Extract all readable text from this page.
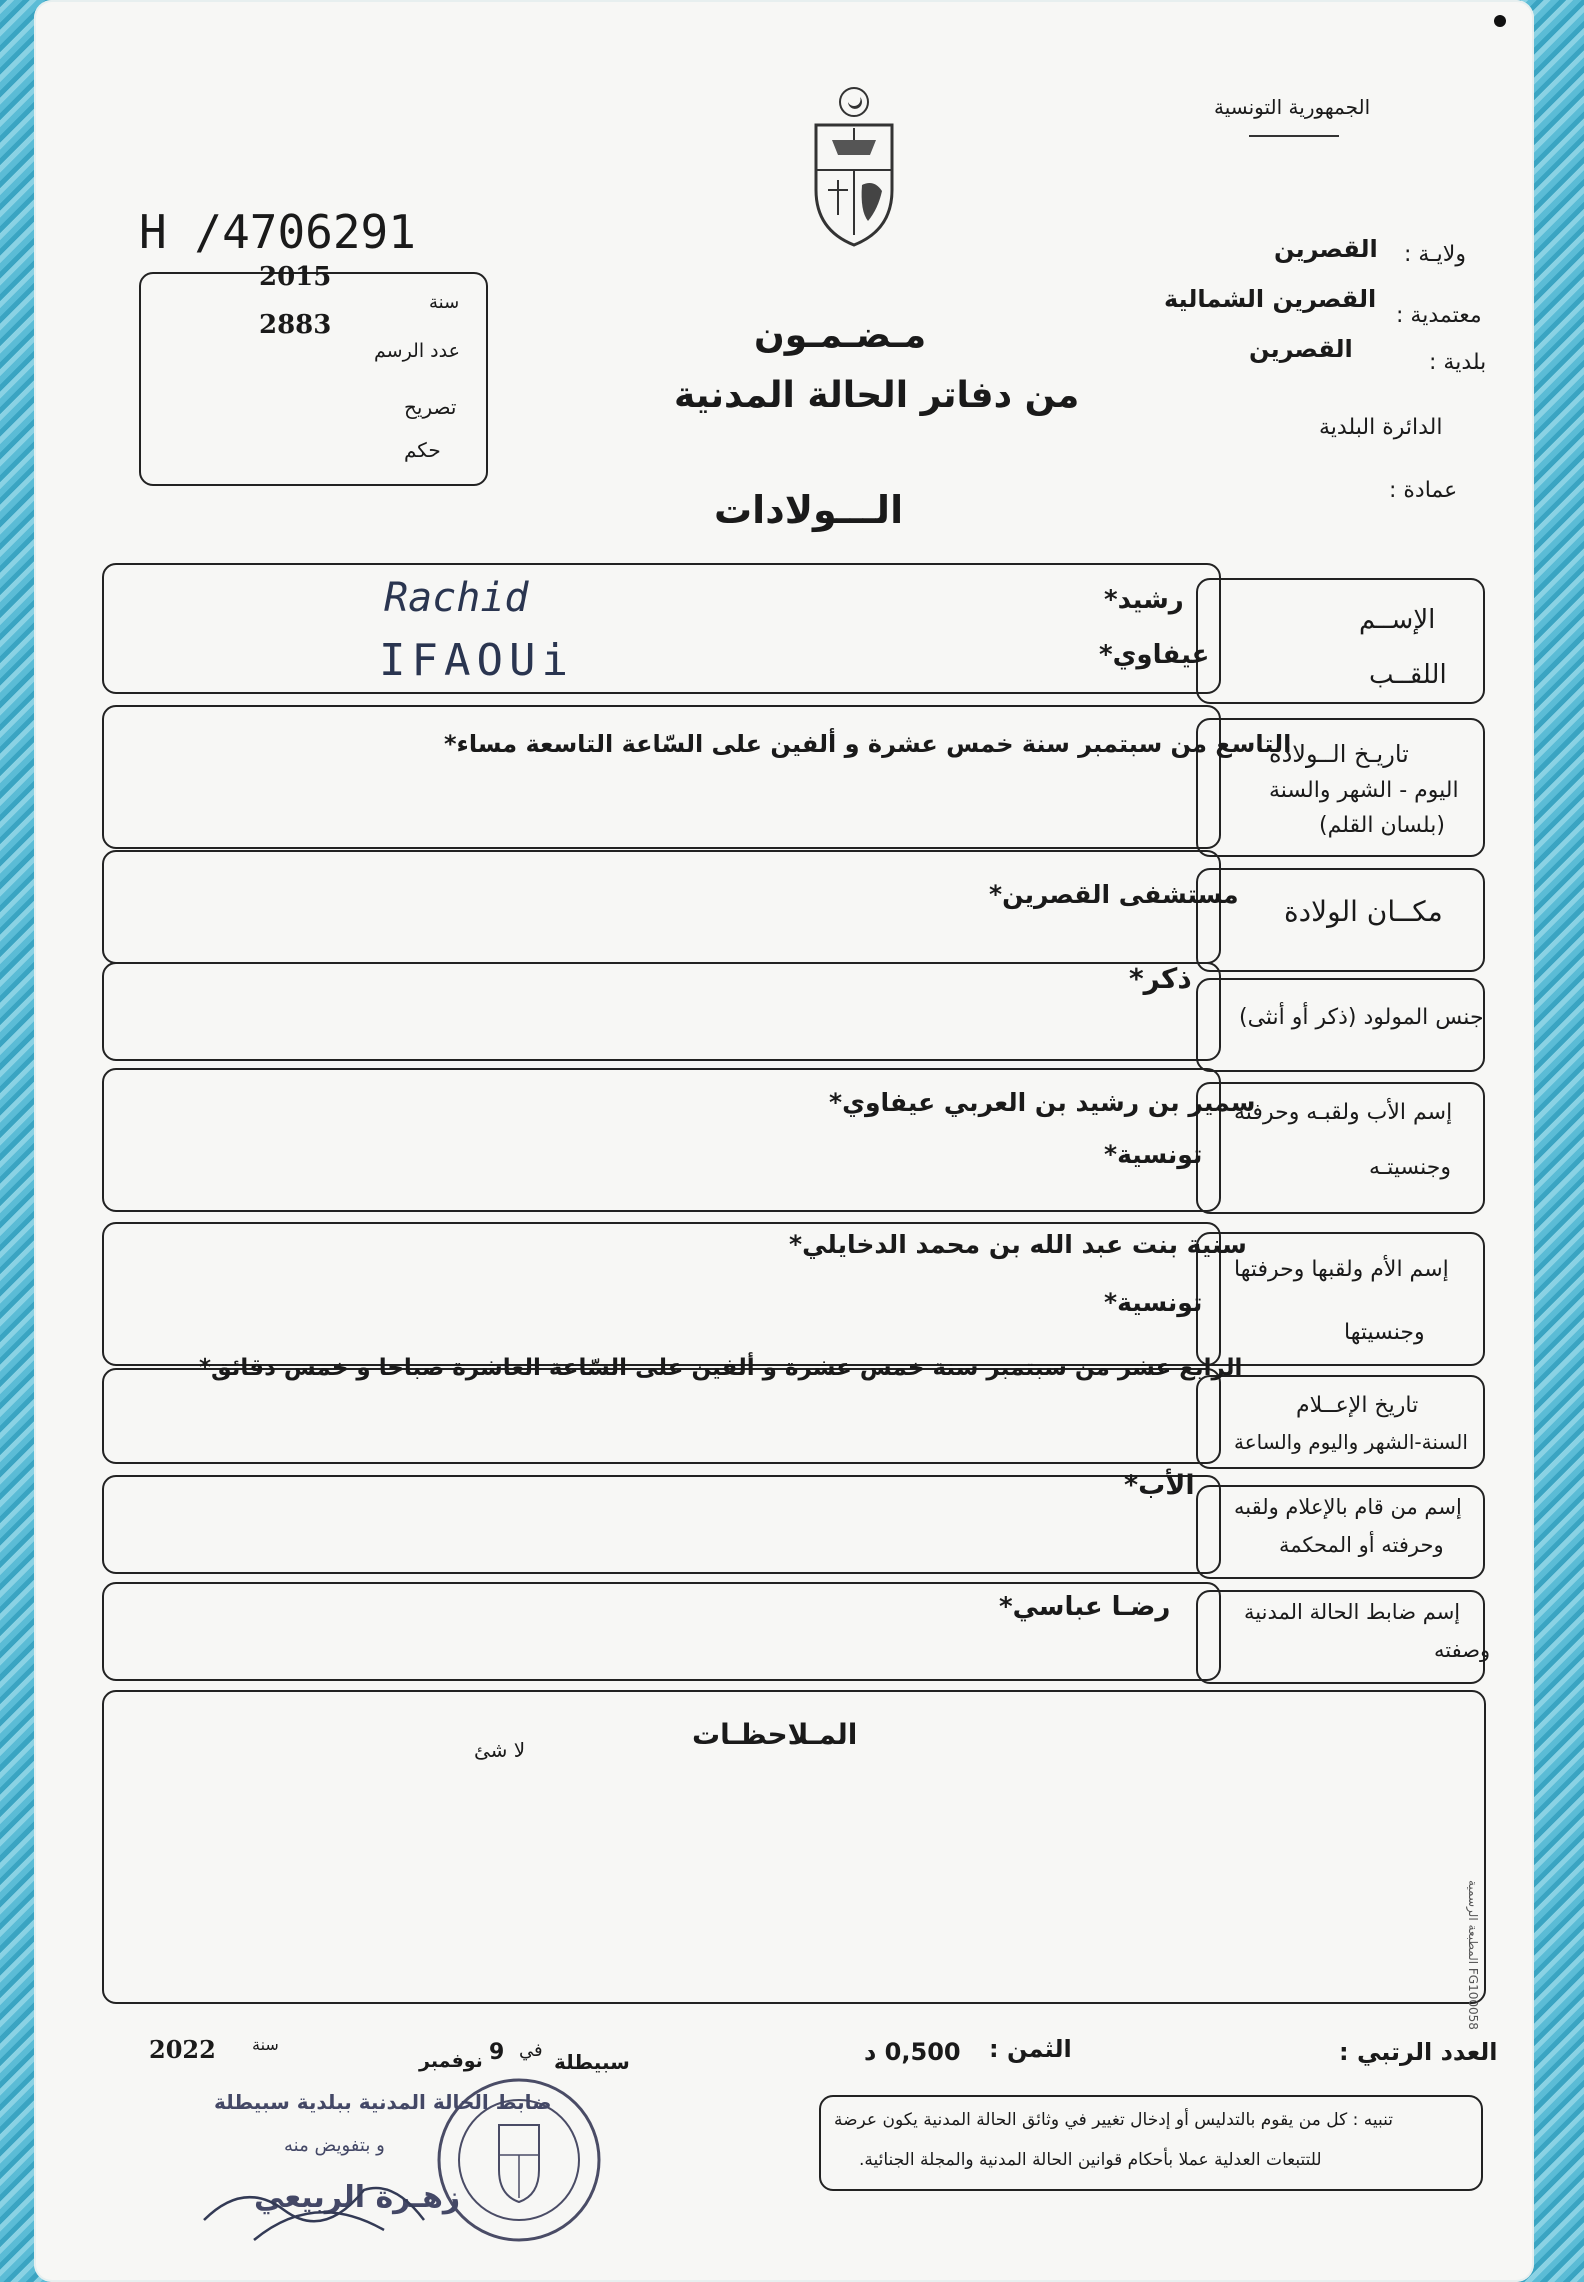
الجمهورية التونسية
H /4706291
2015
سنة
2883
عدد الرسم
تصريح
حكم
ولايـة :
القصرين
معتمدية :
القصرين الشمالية
بلدية :
القصرين
الدائرة البلدية
عمادة :
مـضـمـون
من دفاتر الحالة المدنية
الـــولادات
الإســم
اللقــب
رشيد*
عيفاوي*
Rachid
IFAOUi
تاريـخ الــولادة
اليوم - الشهر والسنة
(بلسان القلم)
التاسع من سبتمبر سنة خمس عشرة و ألفين على السّاعة التاسعة مساء*
مكــان الولادة
مستشفى القصرين*
جنس المولود (ذكر أو أنثى)
ذكر*
إسم الأب ولقبـه وحرفته
وجنسيتـه
سمير بن رشيد بن العربي عيفاوي*
تونسية*
إسم الأم ولقبها وحرفتها
وجنسيتها
سنية بنت عبد الله بن محمد الدخايلي*
تونسية*
تاريخ الإعــلام
السنة-الشهر واليوم والساعة
الرابع عشر من سبتمبر سنة خمس عشرة و ألفين على السّاعة العاشرة صباحا و خمس دقائق*
إسم من قام بالإعلام ولقبه
وحرفته أو المحكمة
الأب*
إسم ضابط الحالة المدنية
وصفته
رضـا عباسي*
المـلاحظـات
لا شئ
المطبعة الرسمية FG100058
العدد الرتبي :
الثمن :
0,500 د
سبيطلة
في
9
نوفمبر
سنة
2022
تنبيه : كل من يقوم بالتدليس أو إدخال تغيير في وثائق الحالة المدنية يكون عرضة
للتتبعات العدلية عملا بأحكام قوانين الحالة المدنية والمجلة الجنائية.
ضابط الحالة المدنية ببلدية سبيطلة
و بتفويض منه
زهـرة الربيعي
